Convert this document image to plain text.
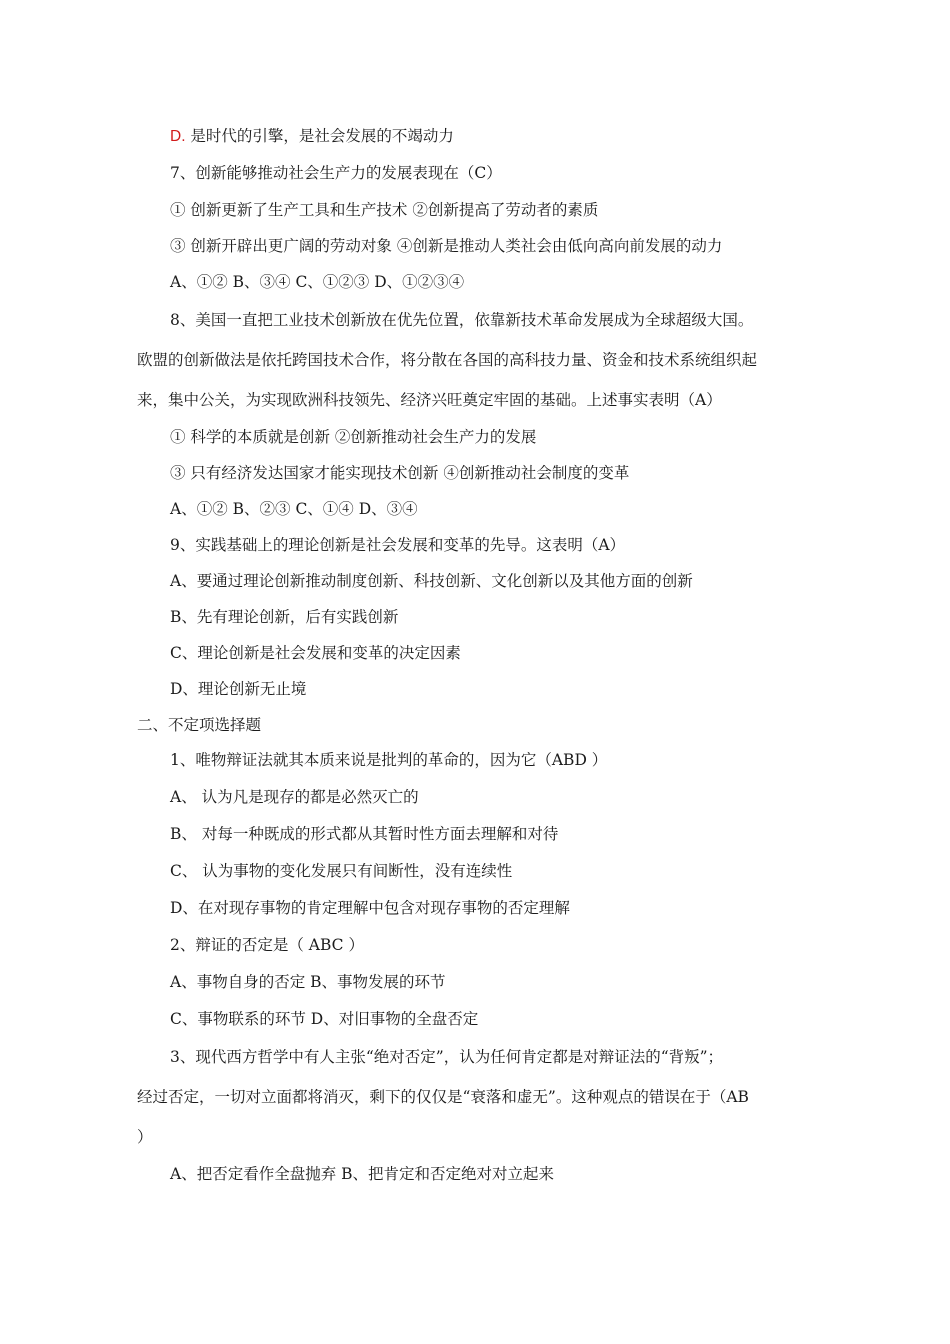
D. 是时代的引擎，是社会发展的不竭动力
7、创新能够推动社会生产力的发展表现在（C）
① 创新更新了生产工具和生产技术 ②创新提高了劳动者的素质
③ 创新开辟出更广阔的劳动对象 ④创新是推动人类社会由低向高向前发展的动力
A、①② B、③④ C、①②③ D、①②③④
8、美国一直把工业技术创新放在优先位置，依靠新技术革命发展成为全球超级大国。
欧盟的创新做法是依托跨国技术合作，将分散在各国的高科技力量、资金和技术系统组织起
来，集中公关，为实现欧洲科技领先、经济兴旺奠定牢固的基础。上述事实表明（A）
① 科学的本质就是创新 ②创新推动社会生产力的发展
③ 只有经济发达国家才能实现技术创新 ④创新推动社会制度的变革
A、①② B、②③ C、①④ D、③④
9、实践基础上的理论创新是社会发展和变革的先导。这表明（A）
A、要通过理论创新推动制度创新、科技创新、文化创新以及其他方面的创新
B、先有理论创新，后有实践创新
C、理论创新是社会发展和变革的决定因素
D、理论创新无止境
二、不定项选择题
1、唯物辩证法就其本质来说是批判的革命的，因为它（ABD ）
A、 认为凡是现存的都是必然灭亡的
B、 对每一种既成的形式都从其暂时性方面去理解和对待
C、 认为事物的变化发展只有间断性，没有连续性
D、在对现存事物的肯定理解中包含对现存事物的否定理解
2、辩证的否定是（ ABC ）
A、事物自身的否定 B、事物发展的环节
C、事物联系的环节 D、对旧事物的全盘否定
3、现代西方哲学中有人主张“绝对否定”，认为任何肯定都是对辩证法的“背叛”；
经过否定，一切对立面都将消灭，剩下的仅仅是“衰落和虚无”。这种观点的错误在于（AB
）
A、把否定看作全盘抛弃 B、把肯定和否定绝对对立起来
